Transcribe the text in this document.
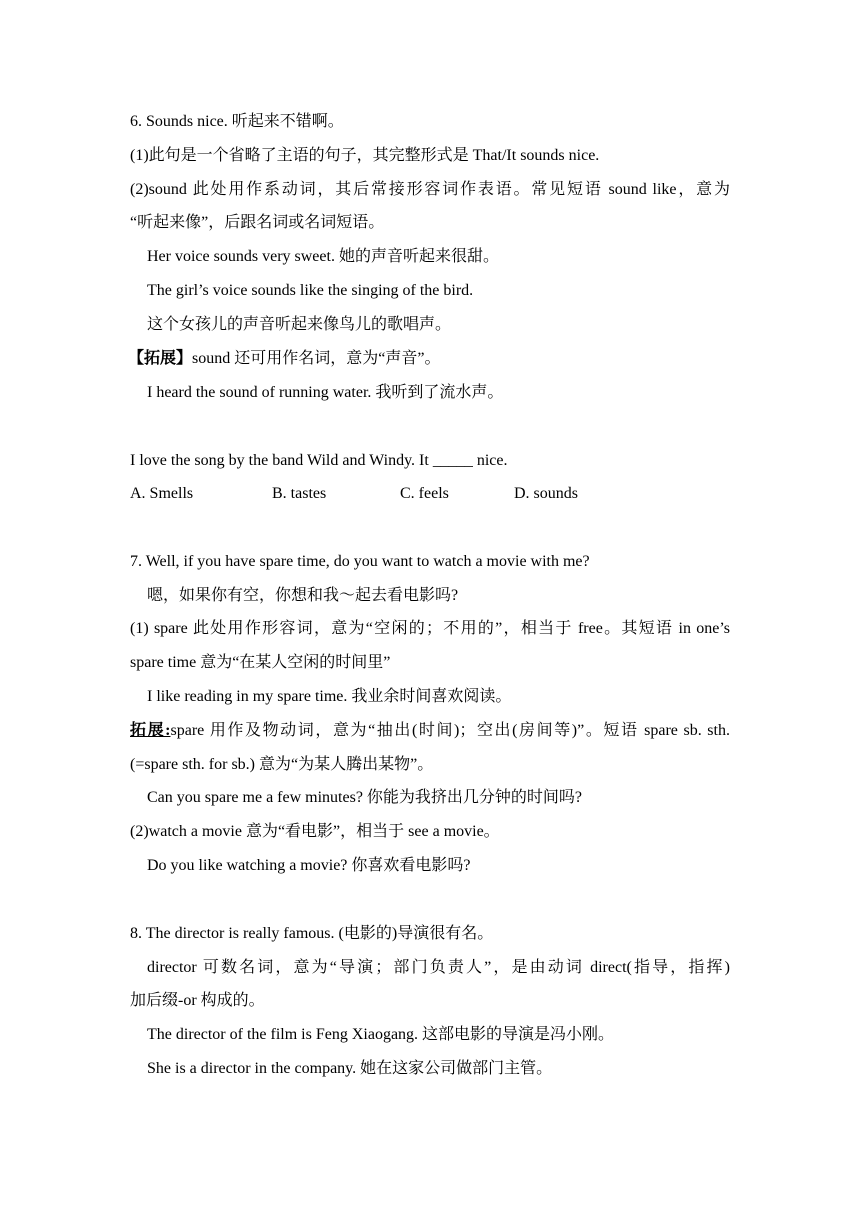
6. Sounds nice. 听起来不错啊。
(1)此句是一个省略了主语的句子，其完整形式是 That/It sounds nice.
(2)sound 此处用作系动词，其后常接形容词作表语。常见短语 sound like，意为
“听起来像”，后跟名词或名词短语。
Her voice sounds very sweet. 她的声音听起来很甜。
The girl’s voice sounds like the singing of the bird.
这个女孩儿的声音听起来像鸟儿的歌唱声。
【拓展】sound 还可用作名词，意为“声音”。
I heard the sound of running water. 我听到了流水声。
I love the song by the band Wild and Windy. It _____ nice.
A. Smells	B. tastes	C. feels	D. sounds
7. Well, if you have spare time, do you want to watch a movie with me?
嗯，如果你有空，你想和我～起去看电影吗?
(1) spare 此处用作形容词，意为“空闲的；不用的”，相当于 free。其短语 in one’s
spare time 意为“在某人空闲的时间里”
I like reading in my spare time. 我业余时间喜欢阅读。
拓展:spare 用作及物动词，意为“抽出(时间)；空出(房间等)”。短语 spare sb. sth.
(=spare sth. for sb.) 意为“为某人腾出某物”。
Can you spare me a few minutes? 你能为我挤出几分钟的时间吗?
(2)watch a movie 意为“看电影”，相当于 see a movie。
Do you like watching a movie? 你喜欢看电影吗?
8. The director is really famous. (电影的)导演很有名。
director 可数名词，意为“导演；部门负责人”，是由动词 direct(指导，指挥)
加后缀-or 构成的。
The director of the film is Feng Xiaogang. 这部电影的导演是冯小刚。
She is a director in the company. 她在这家公司做部门主管。
